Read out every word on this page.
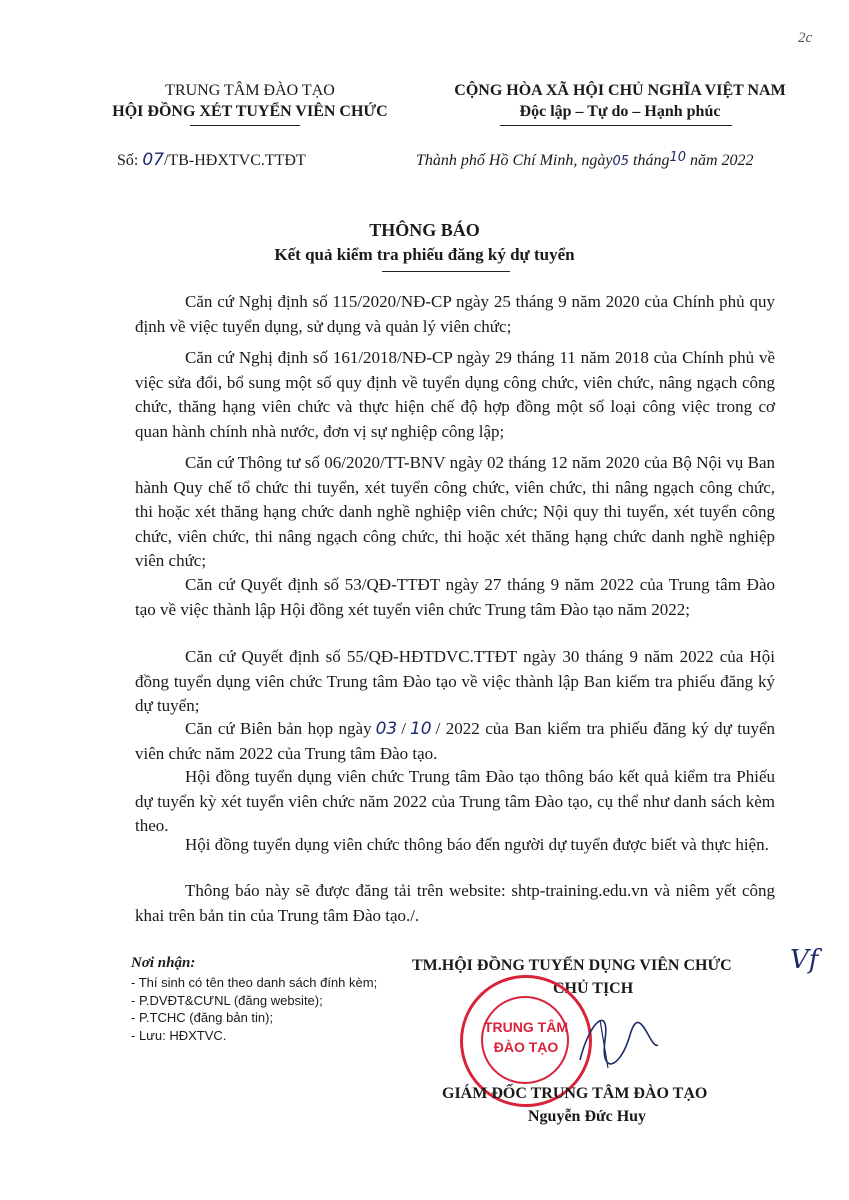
2c
TRUNG TÂM ĐÀO TẠO
HỘI ĐỒNG XÉT TUYỂN VIÊN CHỨC
CỘNG HÒA XÃ HỘI CHỦ NGHĨA VIỆT NAM
Độc lập – Tự do – Hạnh phúc
Số: 07/TB-HĐXTVC.TTĐT	Thành phố Hồ Chí Minh, ngày05 tháng$^{10}$ năm 2022
THÔNG BÁO
Kết quả kiểm tra phiếu đăng ký dự tuyển
Căn cứ Nghị định số 115/2020/NĐ-CP ngày 25 tháng 9 năm 2020 của Chính phủ quy định về việc tuyển dụng, sử dụng và quản lý viên chức;
Căn cứ Nghị định số 161/2018/NĐ-CP ngày 29 tháng 11 năm 2018 của Chính phủ về việc sửa đổi, bổ sung một số quy định về tuyển dụng công chức, viên chức, nâng ngạch công chức, thăng hạng viên chức và thực hiện chế độ hợp đồng một số loại công việc trong cơ quan hành chính nhà nước, đơn vị sự nghiệp công lập;
Căn cứ Thông tư số 06/2020/TT-BNV ngày 02 tháng 12 năm 2020 của Bộ Nội vụ Ban hành Quy chế tổ chức thi tuyển, xét tuyển công chức, viên chức, thi nâng ngạch công chức, thi hoặc xét thăng hạng chức danh nghề nghiệp viên chức; Nội quy thi tuyển, xét tuyển công chức, viên chức, thi nâng ngạch công chức, thi hoặc xét thăng hạng chức danh nghề nghiệp viên chức;
Căn cứ Quyết định số 53/QĐ-TTĐT ngày 27 tháng 9 năm 2022 của Trung tâm Đào tạo về việc thành lập Hội đồng xét tuyển viên chức Trung tâm Đào tạo năm 2022;
Căn cứ Quyết định số 55/QĐ-HĐTDVC.TTĐT ngày 30 tháng 9 năm 2022 của Hội đồng tuyển dụng viên chức Trung tâm Đào tạo về việc thành lập Ban kiểm tra phiếu đăng ký dự tuyển;
Căn cứ Biên bản họp ngày 03 / 10 / 2022 của Ban kiểm tra phiếu đăng ký dự tuyển viên chức năm 2022 của Trung tâm Đào tạo.
Hội đồng tuyển dụng viên chức Trung tâm Đào tạo thông báo kết quả kiểm tra Phiếu dự tuyển kỳ xét tuyển viên chức năm 2022 của Trung tâm Đào tạo, cụ thể như danh sách kèm theo.
Hội đồng tuyển dụng viên chức thông báo đến người dự tuyển được biết và thực hiện.
Thông báo này sẽ được đăng tải trên website: shtp-training.edu.vn và niêm yết công khai trên bản tin của Trung tâm Đào tạo./.
Nơi nhận:
- Thí sinh có tên theo danh sách đính kèm;
- P.DVĐT&CƯNL (đăng website);
- P.TCHC (đăng bản tin);
- Lưu: HĐXTVC.
TM.HỘI ĐỒNG TUYỂN DỤNG VIÊN CHỨC Vf
CHỦ TỊCH
TRUNG TÂM
ĐÀO TẠO
GIÁM ĐỐC TRUNG TÂM ĐÀO TẠO
Nguyễn Đức Huy
